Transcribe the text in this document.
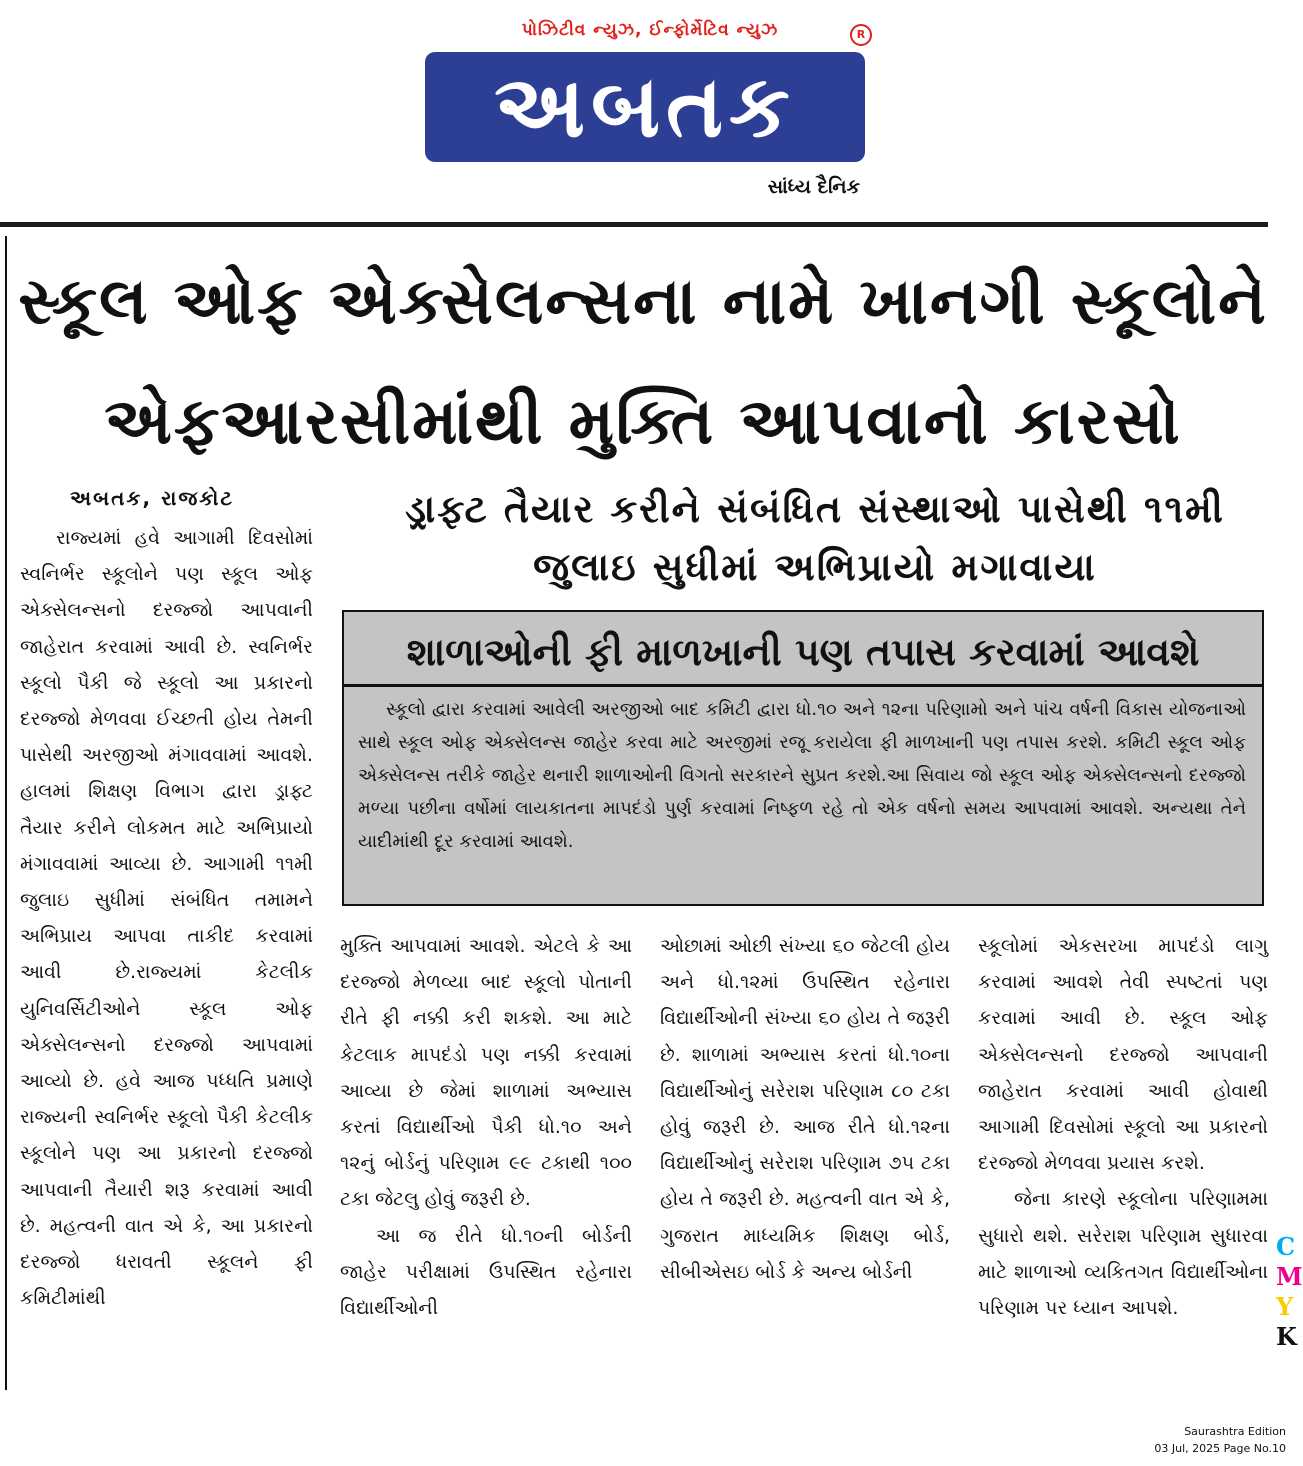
પોઝિટીવ ન્યુઝ, ઈન્ફોર્મેટિવ ન્યુઝ	R
અબતક
સાંધ્ય દૈનિક
સ્કૂલ ઓફ એક્સેલન્સના નામે ખાનગી સ્કૂલોને
એફઆરસીમાંથી મુક્તિ આપવાનો કારસો

અબતક, રાજકોટ	ડ્રાફ્ટ તૈયાર કરીને સંબંધિત સંસ્થાઓ પાસેથી ૧૧મી
જુલાઇ સુધીમાં અભિપ્રાયો મગાવાયા
શાળાઓની ફી માળખાની પણ તપાસ કરવામાં આવશે

સ્કૂલો દ્વારા કરવામાં આવેલી અરજીઓ બાદ કમિટી દ્વારા ધો.૧૦ અને ૧૨ના પરિણામો અને પાંચ વર્ષની વિકાસ યોજનાઓ સાથે સ્કૂલ ઓફ એક્સેલન્સ જાહેર કરવા માટે અરજીમાં રજૂ કરાયેલા ફી માળખાની પણ તપાસ કરશે. કમિટી સ્કૂલ ઓફ એક્સેલન્સ તરીકે જાહેર થનારી શાળાઓની વિગતો સરકારને સુપ્રત કરશે.આ સિવાય જો સ્કૂલ ઓફ એક્સેલન્સનો દરજ્જો મળ્યા પછીના વર્ષોમાં લાયકાતના માપદંડો પુર્ણ કરવામાં નિષ્ફળ રહે તો એક વર્ષનો સમય આપવામાં આવશે. અન્યથા તેને યાદીમાંથી દૂર કરવામાં આવશે.

રાજ્યમાં હવે આગામી દિવસોમાં સ્વનિર્ભર સ્કૂલોને પણ સ્કૂલ ઓફ એક્સેલન્સનો દરજ્જો આપવાની જાહેરાત કરવામાં આવી છે. સ્વનિર્ભર સ્કૂલો પૈકી જે સ્કૂલો આ પ્રકારનો દરજ્જો મેળવવા ઈચ્છતી હોય તેમની પાસેથી અરજીઓ મંગાવવામાં આવશે. હાલમાં શિક્ષણ વિભાગ દ્વારા ડ્રાફ્ટ તૈયાર કરીને લોકમત માટે અભિપ્રાયો મંગાવવામાં આવ્યા છે. આગામી ૧૧મી જુલાઇ સુધીમાં સંબંધિત તમામને અભિપ્રાય આપવા તાકીદ કરવામાં આવી છે.રાજ્યમાં કેટલીક યુનિવર્સિટીઓને સ્કૂલ ઓફ એક્સેલન્સનો દરજ્જો આપવામાં આવ્યો છે. હવે આજ પધ્ધતિ પ્રમાણે રાજ્યની સ્વનિર્ભર સ્કૂલો પૈકી કેટલીક સ્કૂલોને પણ આ પ્રકારનો દરજ્જો આપવાની તૈયારી શરૂ કરવામાં આવી છે. મહત્વની વાત એ કે, આ પ્રકારનો દરજ્જો ધરાવતી સ્કૂલને ફી કમિટીમાંથી

મુક્તિ આપવામાં આવશે. એટલે કે આ દરજ્જો મેળવ્યા બાદ સ્કૂલો પોતાની રીતે ફી નક્કી કરી શકશે. આ માટે કેટલાક માપદંડો પણ નક્કી કરવામાં આવ્યા છે જેમાં શાળામાં અભ્યાસ કરતાં વિદ્યાર્થીઓ પૈકી ધો.૧૦ અને ૧૨નું બોર્ડનું પરિણામ ૯૯ ટકાથી ૧૦૦ ટકા જેટલુ હોવું જરૂરી છે.

આ જ રીતે ધો.૧૦ની બોર્ડની જાહેર પરીક્ષામાં ઉપસ્થિત રહેનારા વિદ્યાર્થીઓની

ઓછામાં ઓછી સંખ્યા ૬૦ જેટલી હોય અને ધો.૧૨માં ઉપસ્થિત રહેનારા વિદ્યાર્થીઓની સંખ્યા ૬૦ હોય તે જરૂરી છે. શાળામાં અભ્યાસ કરતાં ધો.૧૦ના વિદ્યાર્થીઓનું સરેરાશ પરિણામ ૮૦ ટકા હોવું જરૂરી છે. આજ રીતે ધો.૧૨ના વિદ્યાર્થીઓનું સરેરાશ પરિણામ ૭૫ ટકા હોય તે જરૂરી છે. મહત્વની વાત એ કે, ગુજરાત માધ્યમિક શિક્ષણ બોર્ડ, સીબીએસઇ બોર્ડ કે અન્ય બોર્ડની

સ્કૂલોમાં એકસરખા માપદંડો લાગુ કરવામાં આવશે તેવી સ્પષ્ટતાં પણ કરવામાં આવી છે. સ્કૂલ ઓફ એક્સેલન્સનો દરજ્જો આપવાની જાહેરાત કરવામાં આવી હોવાથી આગામી દિવસોમાં સ્કૂલો આ પ્રકારનો દરજ્જો મેળવવા પ્રયાસ કરશે.

જેના કારણે સ્કૂલોના પરિણામમા સુધારો થશે. સરેરાશ પરિણામ સુધારવા માટે શાળાઓ વ્યકિતગત વિદ્યાર્થીઓના પરિણામ પર ધ્યાન આપશે.

C
M
Y
K
Saurashtra Edition
03 Jul, 2025 Page No.10
